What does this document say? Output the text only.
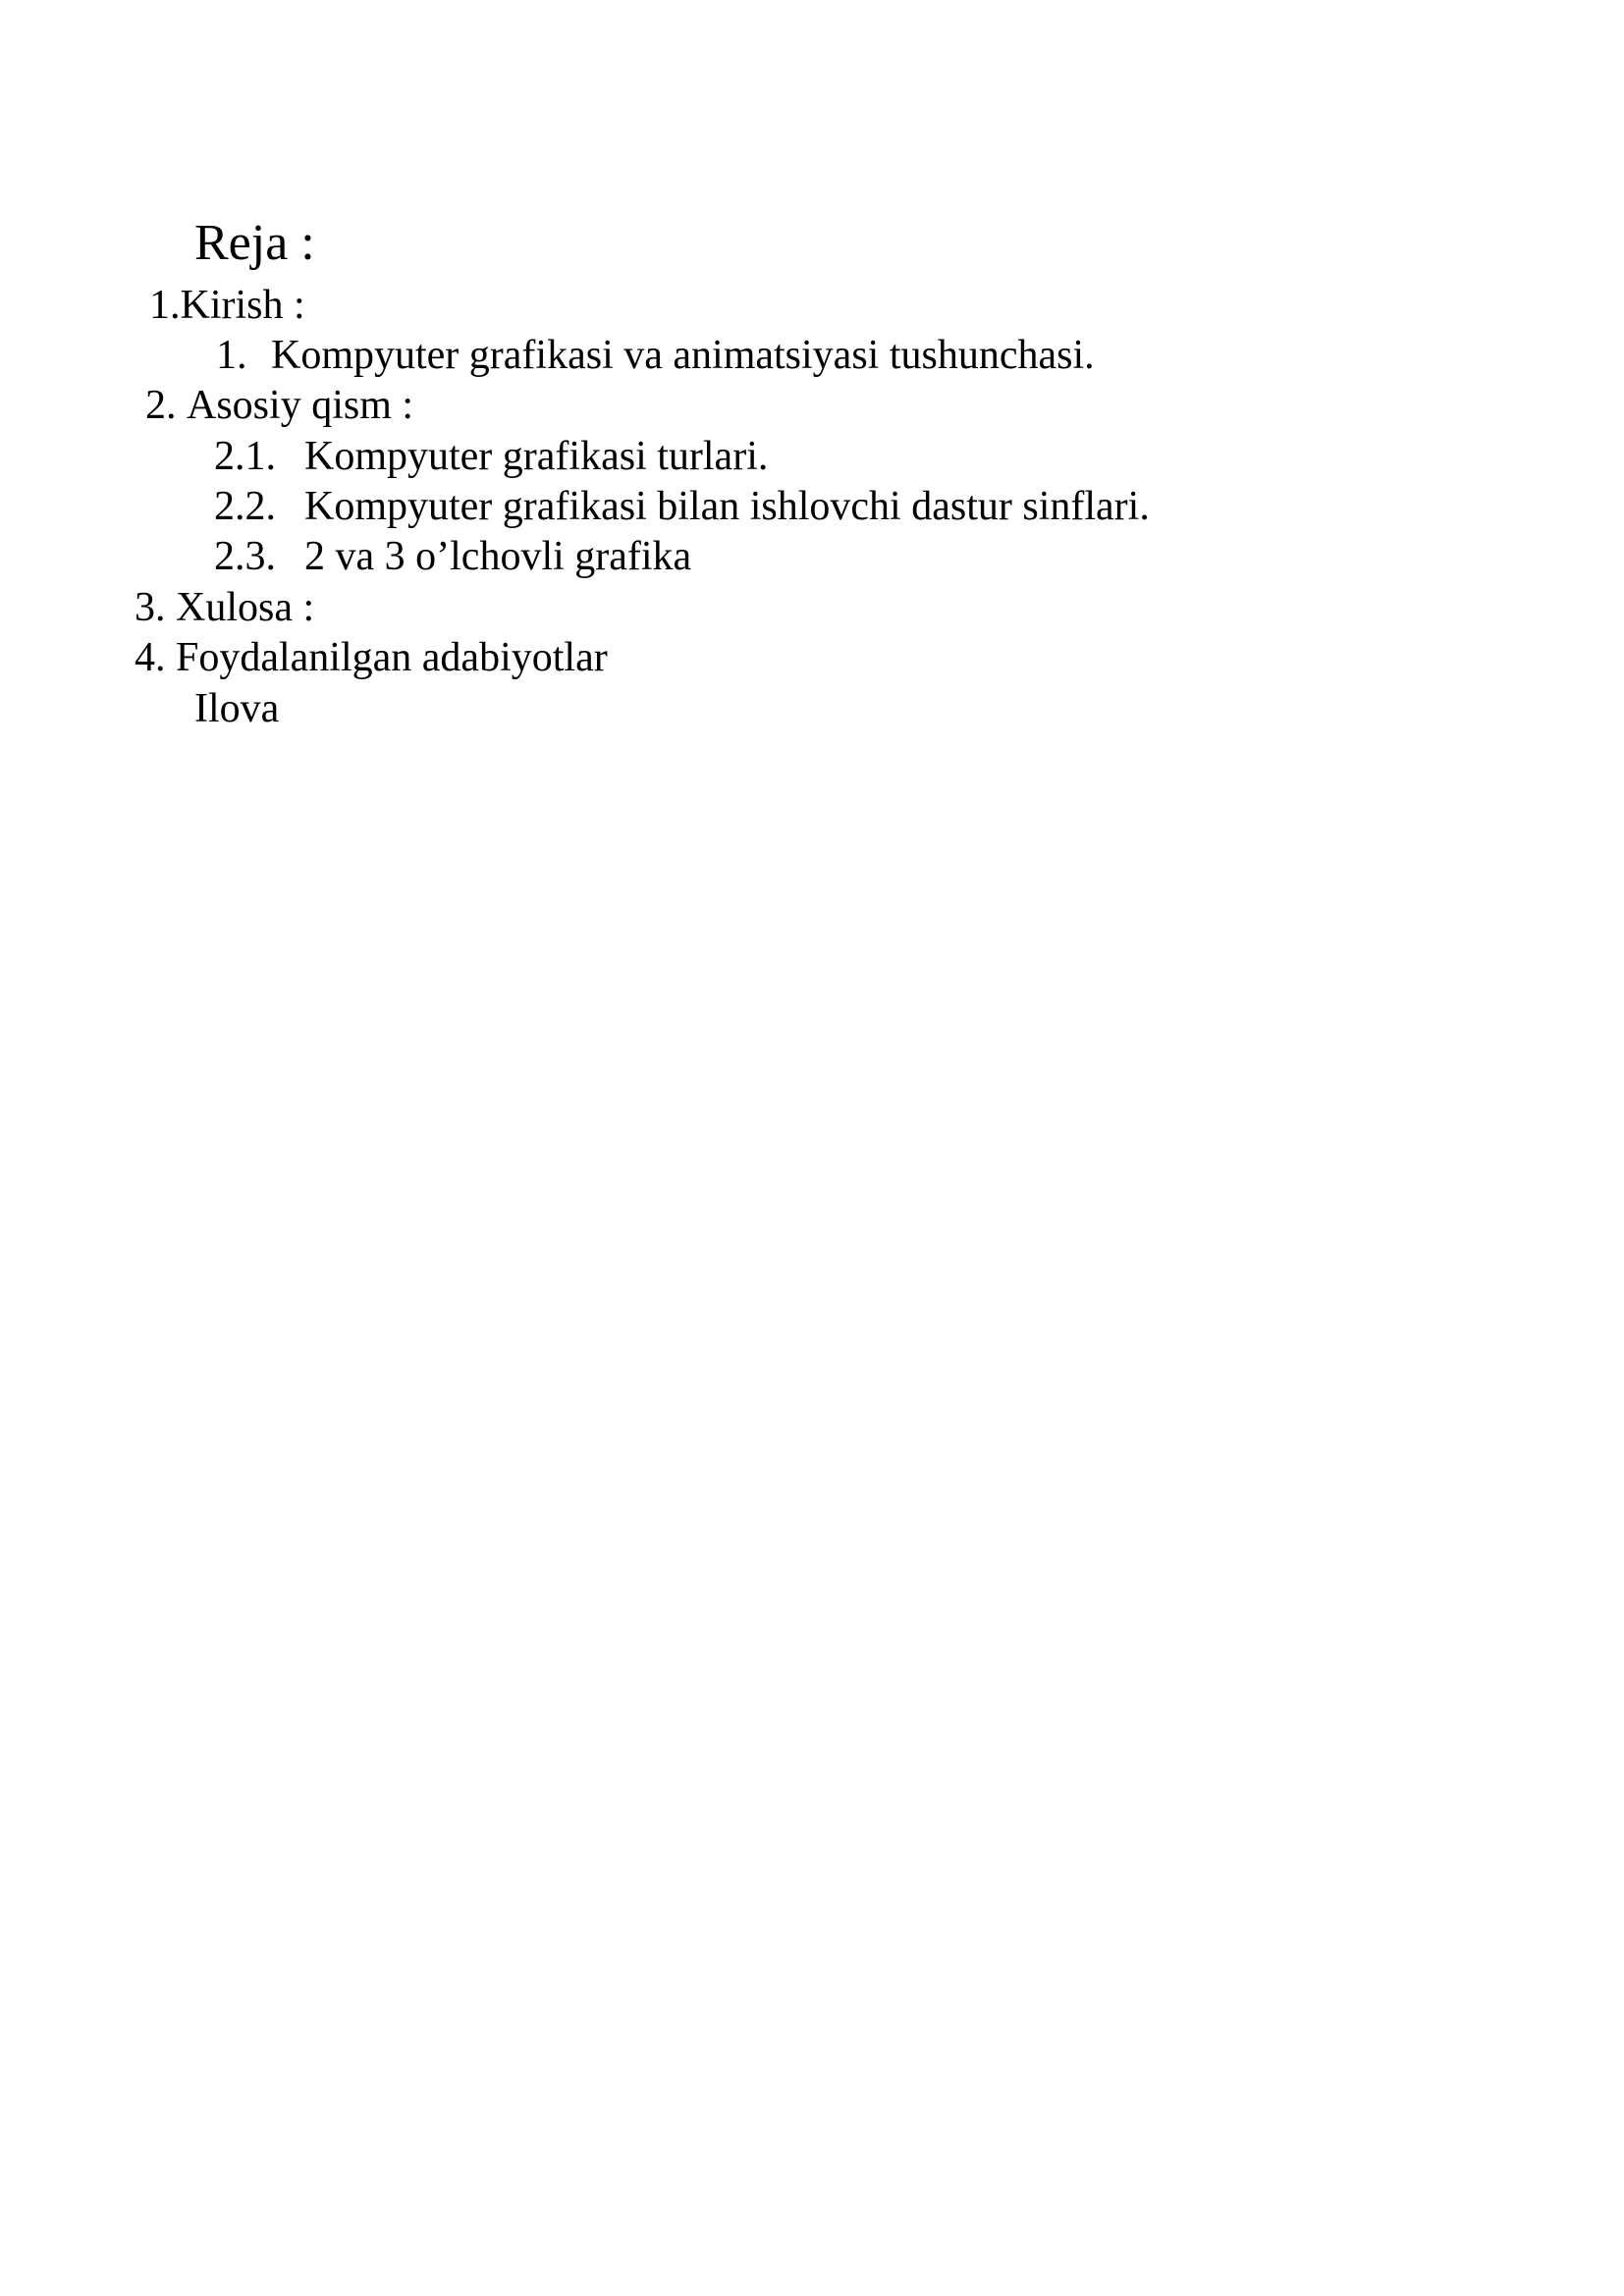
Reja :
1.Kirish :
1. Kompyuter grafikasi va animatsiyasi tushunchasi.
2. Asosiy qism :
2.1. Kompyuter grafikasi turlari.
2.2. Kompyuter grafikasi bilan ishlovchi dastur sinflari.
2.3. 2 va 3 o’lchovli grafika
3. Xulosa :
4. Foydalanilgan adabiyotlar
Ilova
